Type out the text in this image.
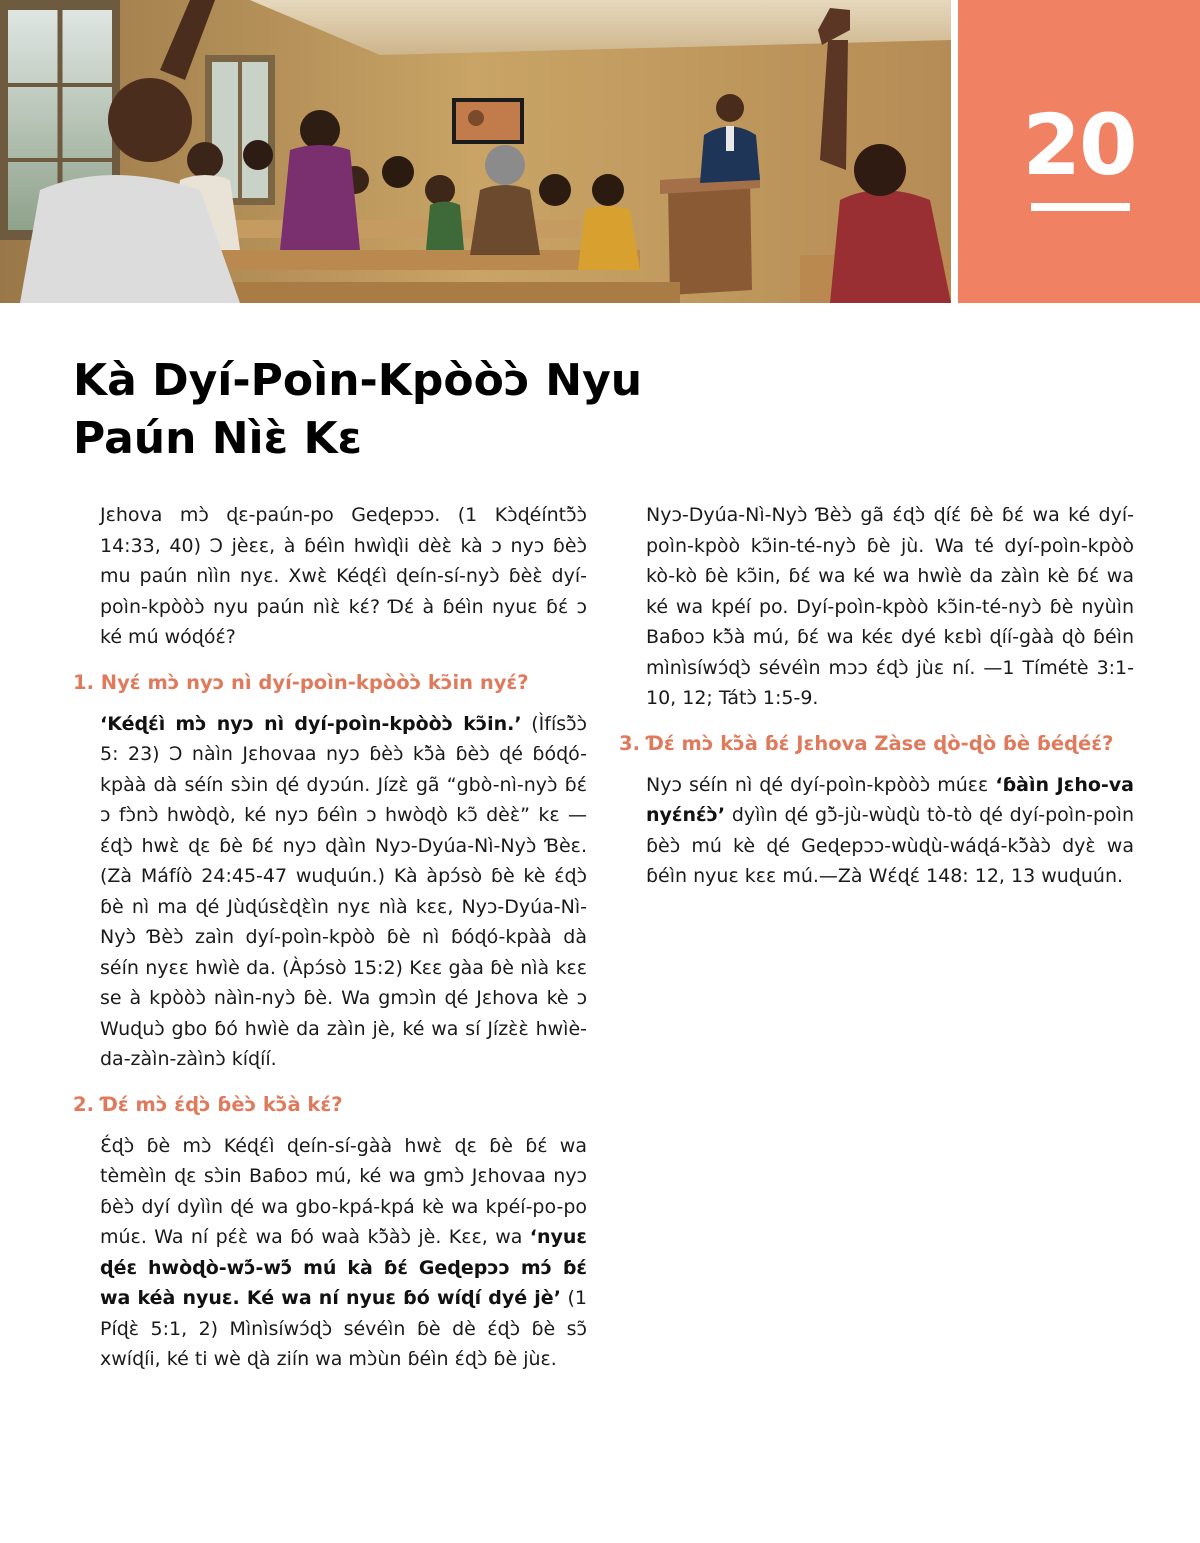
20
Kà Dyí-Poìn-Kpòòɔ̀ Nyu
Paún Nìɛ̀ Kɛ

Jɛhova mɔ̀ ɖɛ-paún-po Geɖepɔɔ. (1 Kɔ̀ɖéíntɔ̃̀ɔ̀ 14:33, 40) Ɔ jèɛɛ, à ɓéìn hwìɖìi dèɛ̀ kà ɔ nyɔ ɓèɔ̀ mu paún nììn nyɛ. Xwɛ̀ Kéɖɛ́ì ɖeín-sí-nyɔ̀ ɓèɛ̀ dyí-poìn-kpòòɔ̀ nyu paún nìɛ̀ kɛ́? Ɗɛ́ à ɓéìn nyuɛ ɓɛ́ ɔ ké mú wóɖóɛ́?

1. Nyɛ́ mɔ̀ nyɔ nì dyí-poìn-kpòòɔ̀ kɔ̃in nyɛ́?

‘Kéɖɛ́ì mɔ̀ nyɔ nì dyí-poìn-kpòòɔ̀ kɔ̃in.’ (Ìfísɔ̃̀ɔ̀ 5: 23) Ɔ nàìn Jɛhovaa nyɔ ɓèɔ̀ kɔ̃̀à ɓèɔ̀ ɖé ɓóɖó-kpàà dà séín sɔ̀in ɖé dyɔún. Jízɛ̀ gã “gbò-nì-nyɔ̀ ɓɛ́ ɔ fɔ̀nɔ̀ hwòɖò, ké nyɔ ɓéìn ɔ hwòɖò kɔ̃ dèɛ̀” kɛ —ɛ́ɖɔ̀ hwɛ̀ ɖɛ ɓè ɓɛ́ nyɔ ɖàìn Nyɔ-Dyúa-Nì-Nyɔ̀ Ɓèɛ. (Zà Máfíò 24:45-47 wuɖuún.) Kà àpɔ́sò ɓè kè ɛ́ɖɔ̀ ɓè nì ma ɖé Jùɖúsɛ̀ɖɛ̀ìn nyɛ nìà kɛɛ, Nyɔ-Dyúa-Nì-Nyɔ̀ Ɓèɔ̀ zaìn dyí-poìn-kpòò ɓè nì ɓóɖó-kpàà dà séín nyɛɛ hwìè da. (Àpɔ́sò 15:2) Kɛɛ gàa ɓè nìà kɛɛ se à kpòòɔ̀ nàìn-nyɔ̀ ɓè. Wa gmɔìn ɖé Jɛhova kè ɔ Wuɖuɔ̀ gbo ɓó hwìè da zàìn jè, ké wa sí Jízɛ̀ɛ̀ hwìè-da-zàìn-zàìnɔ̀ kíɖíí.

2. Ɗɛ́ mɔ̀ ɛ́ɖɔ̀ ɓèɔ̀ kɔ̃̀à kɛ́?

Ɛ́ɖɔ̀ ɓè mɔ̀ Kéɖɛ́ì ɖeín-sí-gàà hwɛ̀ ɖɛ ɓè ɓɛ́ wa tèmèìn ɖɛ sɔ̀in Baɓoɔ mú, ké wa gmɔ̀ Jɛhovaa nyɔ ɓèɔ̀ dyí dyììn ɖé wa gbo-kpá-kpá kè wa kpéí-po-po múɛ. Wa ní pɛ́ɛ̀ wa ɓó waà kɔ̃̀àɔ̀ jè. Kɛɛ, wa ‘nyuɛ ɖéɛ hwòɖò-wɔ̃́-wɔ̃́ mú kà ɓɛ́ Geɖepɔɔ mɔ́ ɓɛ́ wa kéà nyuɛ. Ké wa ní nyuɛ ɓó wíɖí dyé jè’ (1 Píɖɛ̀ 5:1, 2) Mìnìsíwɔ́ɖɔ̀ sévéìn ɓè dè ɛ́ɖɔ̀ ɓè sɔ̃ xwíɖíi, ké ti wè ɖà ziín wa mɔ̀ùn ɓéìn ɛ́ɖɔ̀ ɓè jùɛ.

Nyɔ-Dyúa-Nì-Nyɔ̀ Ɓèɔ̀ gã ɛ́ɖɔ̀ ɖíɛ́ ɓè ɓɛ́ wa ké dyí-poìn-kpòò kɔ̃in-té-nyɔ̀ ɓè jù. Wa té dyí-poìn-kpòò kò-kò ɓè kɔ̃in, ɓɛ́ wa ké wa hwìè da zàìn kè ɓɛ́ wa ké wa kpéí po. Dyí-poìn-kpòò kɔ̃in-té-nyɔ̀ ɓè nyùìn Baɓoɔ kɔ̃̀à mú, ɓɛ́ wa kéɛ dyé kɛbì ɖíí-gàà ɖò ɓéìn mìnìsíwɔ́ɖɔ̀ sévéìn mɔɔ ɛ́ɖɔ̀ jùɛ ní. —1 Tímétè 3:1-10, 12; Tátɔ̀ 1:5-9.

3. Ɗɛ́ mɔ̀ kɔ̃̀à ɓɛ́ Jɛhova Zàse ɖò-ɖò ɓè ɓéɖéɛ́?

Nyɔ séín nì ɖé dyí-poìn-kpòòɔ̀ múɛɛ ‘ɓàìn Jɛho-va nyɛ́nɛ́ɔ̀’ dyììn ɖé gɔ̃̀-jù-wùɖù tò-tò ɖé dyí-poìn-poìn ɓèɔ̀ mú kè ɖé Geɖepɔɔ-wùɖù-wáɖá-kɔ̃̀àɔ̀ dyɛ̀ wa ɓéìn nyuɛ kɛɛ mú.—Zà Wɛ́ɖɛ́ 148: 12, 13 wuɖuún.
